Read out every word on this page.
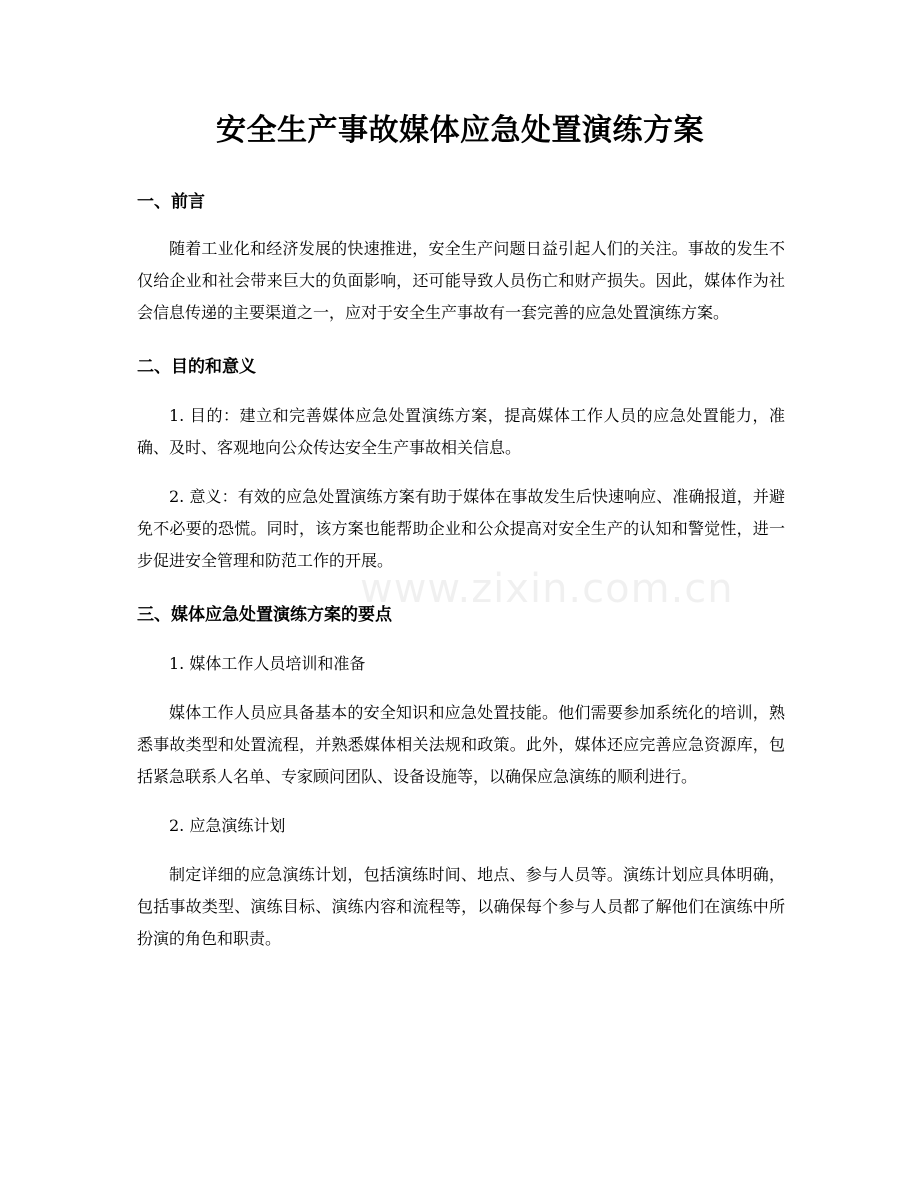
安全生产事故媒体应急处置演练方案
www.zixin.com.cn
一、前言

随着工业化和经济发展的快速推进，安全生产问题日益引起人们的关注。事故的发生不仅给企业和社会带来巨大的负面影响，还可能导致人员伤亡和财产损失。因此，媒体作为社会信息传递的主要渠道之一，应对于安全生产事故有一套完善的应急处置演练方案。

二、目的和意义

1. 目的：建立和完善媒体应急处置演练方案，提高媒体工作人员的应急处置能力，准确、及时、客观地向公众传达安全生产事故相关信息。

2. 意义：有效的应急处置演练方案有助于媒体在事故发生后快速响应、准确报道，并避免不必要的恐慌。同时，该方案也能帮助企业和公众提高对安全生产的认知和警觉性，进一步促进安全管理和防范工作的开展。

三、媒体应急处置演练方案的要点

1. 媒体工作人员培训和准备

媒体工作人员应具备基本的安全知识和应急处置技能。他们需要参加系统化的培训，熟悉事故类型和处置流程，并熟悉媒体相关法规和政策。此外，媒体还应完善应急资源库，包括紧急联系人名单、专家顾问团队、设备设施等，以确保应急演练的顺利进行。

2. 应急演练计划

制定详细的应急演练计划，包括演练时间、地点、参与人员等。演练计划应具体明确，包括事故类型、演练目标、演练内容和流程等，以确保每个参与人员都了解他们在演练中所扮演的角色和职责。
